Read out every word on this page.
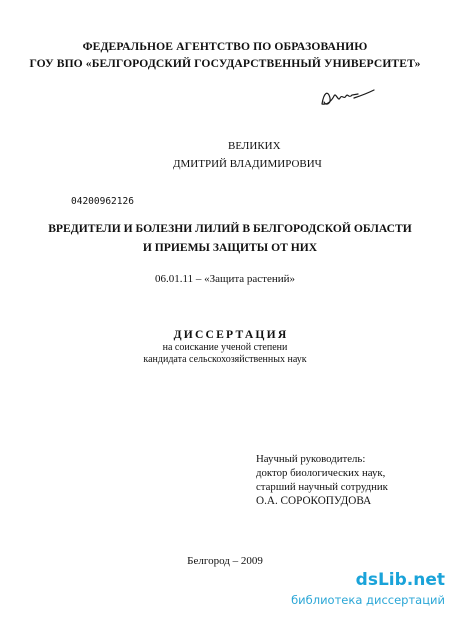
ФЕДЕРАЛЬНОЕ АГЕНТСТВО ПО ОБРАЗОВАНИЮ
ГОУ ВПО «БЕЛГОРОДСКИЙ ГОСУДАРСТВЕННЫЙ УНИВЕРСИТЕТ»
ВЕЛИКИХ
ДМИТРИЙ ВЛАДИМИРОВИЧ
04200962126
ВРЕДИТЕЛИ И БОЛЕЗНИ ЛИЛИЙ В БЕЛГОРОДСКОЙ ОБЛАСТИ
И ПРИЕМЫ ЗАЩИТЫ ОТ НИХ
06.01.11 – «Защита растений»
ДИССЕРТАЦИЯ
на соискание ученой степени
кандидата сельскохозяйственных наук
Научный руководитель:
доктор биологических наук,
старший научный сотрудник
О.А. СОРОКОПУДОВА
Белгород – 2009
dsLib.net
библиотека диссертаций
